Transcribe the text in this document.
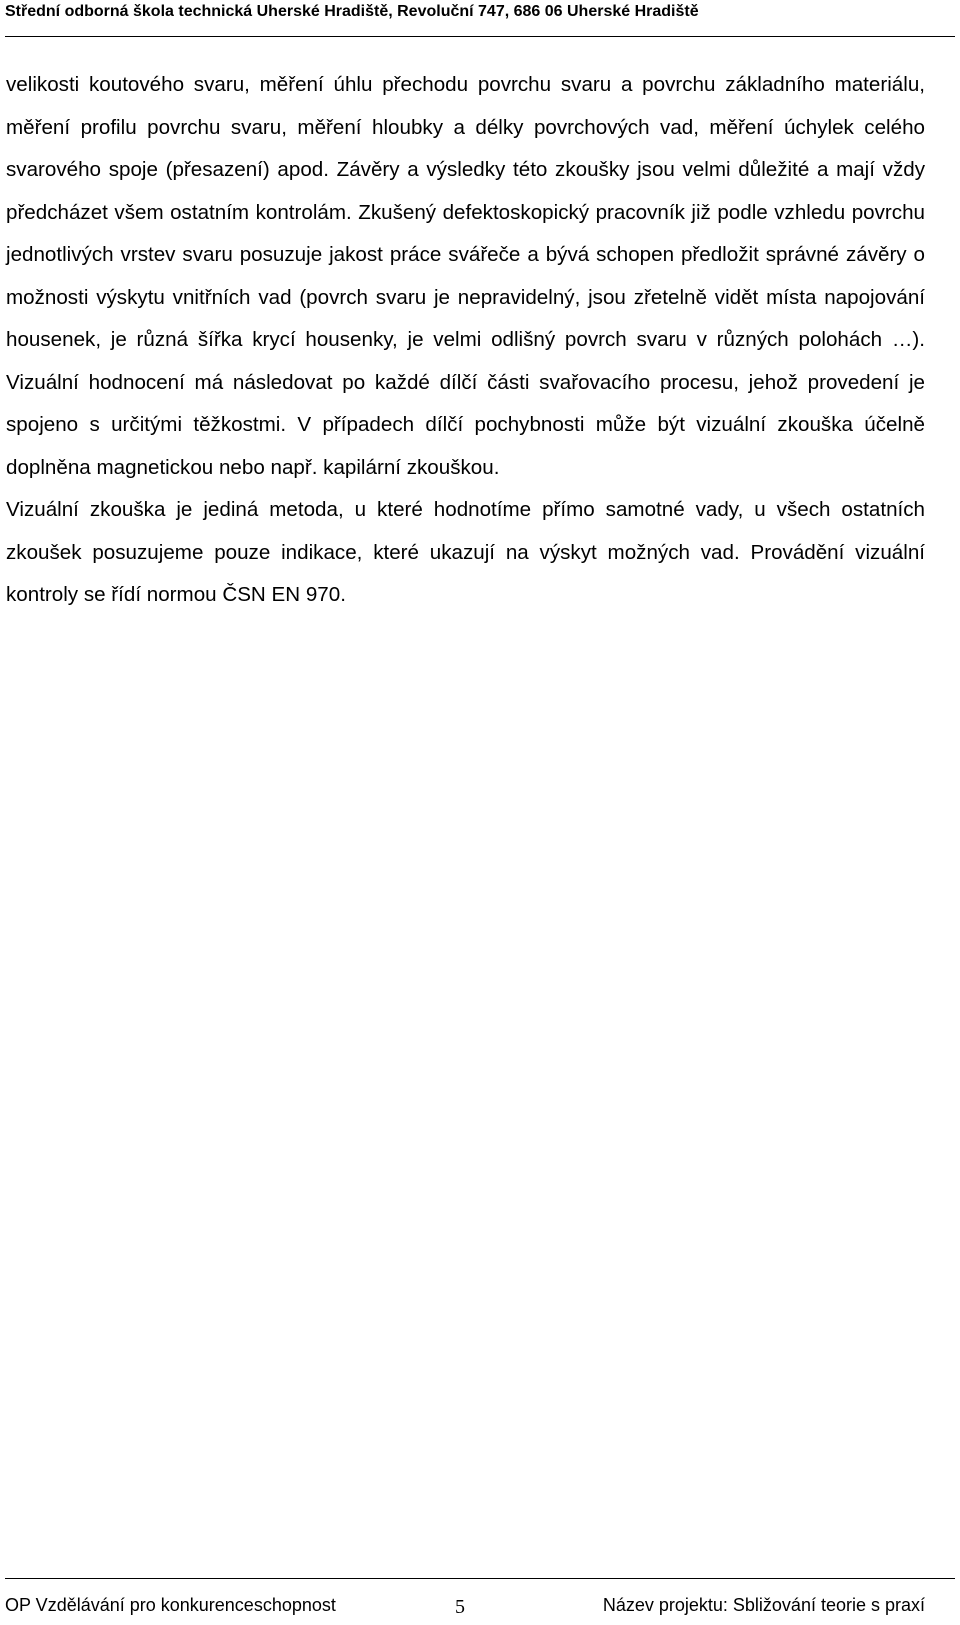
Střední odborná škola technická Uherské Hradiště, Revoluční 747, 686 06 Uherské Hradiště

velikosti koutového svaru, měření úhlu přechodu povrchu svaru a povrchu základního materiálu, měření profilu povrchu svaru, měření hloubky a délky povrchových vad, měření úchylek celého svarového spoje (přesazení) apod. Závěry a výsledky této zkoušky jsou velmi důležité a mají vždy předcházet všem ostatním kontrolám. Zkušený defektoskopický pracovník již podle vzhledu povrchu jednotlivých vrstev svaru posuzuje jakost práce svářeče a bývá schopen předložit správné závěry o možnosti výskytu vnitřních vad (povrch svaru je nepravidelný, jsou zřetelně vidět místa napojování housenek, je různá šířka krycí housenky, je velmi odlišný povrch svaru v různých polohách …). Vizuální hodnocení má následovat po každé dílčí části svařovacího procesu, jehož provedení je spojeno s určitými těžkostmi. V případech dílčí pochybnosti může být vizuální zkouška účelně doplněna magnetickou nebo např. kapilární zkouškou.

Vizuální zkouška je jediná metoda, u které hodnotíme přímo samotné vady, u všech ostatních zkoušek posuzujeme pouze indikace, které ukazují na výskyt možných vad. Provádění vizuální kontroly se řídí normou ČSN EN 970.

OP Vzdělávání pro konkurenceschopnost	5	Název projektu: Sbližování teorie s praxí
